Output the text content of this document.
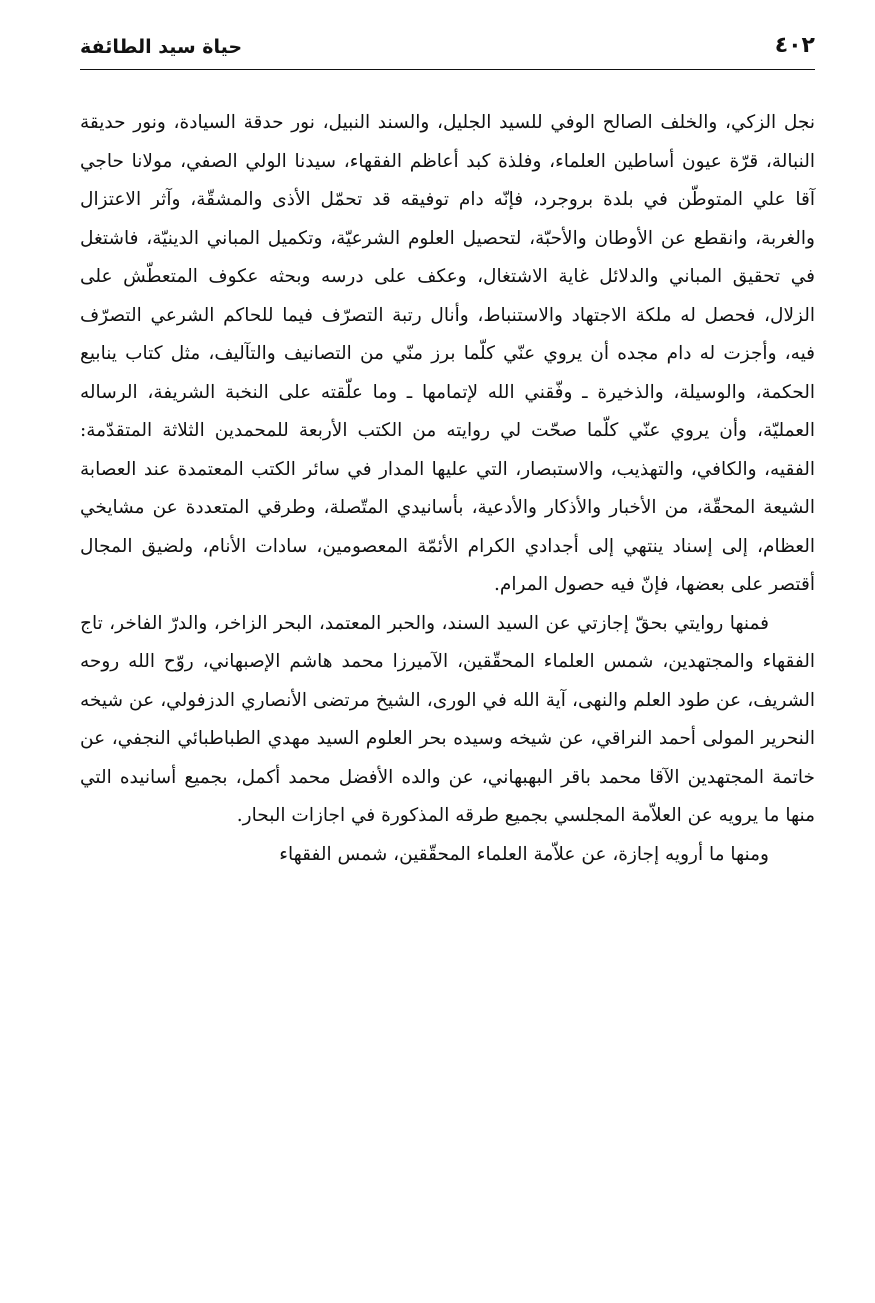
٤٠٢
حياة سيد الطائفة

نجل الزكي، والخلف الصالح الوفي للسيد الجليل، والسند النبيل، نور حدقة السيادة، ونور حديقة النبالة، قرّة عيون أساطين العلماء، وفلذة كبد أعاظم الفقهاء، سيدنا الولي الصفي، مولانا حاجي آقا علي المتوطّن في بلدة بروجرد، فإنّه دام توفيقه قد تحمّل الأذى والمشقّة، وآثر الاعتزال والغربة، وانقطع عن الأوطان والأحبّة، لتحصيل العلوم الشرعيّة، وتكميل المباني الدينيّة، فاشتغل في تحقيق المباني والدلائل غاية الاشتغال، وعكف على درسه وبحثه عكوف المتعطّش على الزلال، فحصل له ملكة الاجتهاد والاستنباط، وأنال رتبة التصرّف فيما للحاكم الشرعي التصرّف فيه، وأجزت له دام مجده أن يروي عنّي كلّما برز منّي من التصانيف والتآليف، مثل كتاب ينابيع الحكمة، والوسيلة، والذخيرة ـ وفّقني الله لإتمامها ـ وما علّقته على النخبة الشريفة، الرساله العمليّة، وأن يروي عنّي كلّما صحّت لي روايته من الكتب الأربعة للمحمدين الثلاثة المتقدّمة: الفقيه، والكافي، والتهذيب، والاستبصار، التي عليها المدار في سائر الكتب المعتمدة عند العصابة الشيعة المحقّة، من الأخبار والأذكار والأدعية، بأسانيدي المتّصلة، وطرقي المتعددة عن مشايخي العظام، إلى إسناد ينتهي إلى أجدادي الكرام الأئمّة المعصومين، سادات الأنام، ولضيق المجال أقتصر على بعضها، فإنّ فيه حصول المرام.

فمنها روايتي بحقّ إجازتي عن السيد السند، والحبر المعتمد، البحر الزاخر، والدرّ الفاخر، تاج الفقهاء والمجتهدين، شمس العلماء المحقّقين، الآميرزا محمد هاشم الإصبهاني، روّح الله روحه الشريف، عن طود العلم والنهى، آية الله في الورى، الشيخ مرتضى الأنصاري الدزفولي، عن شيخه النحرير المولى أحمد النراقي، عن شيخه وسيده بحر العلوم السيد مهدي الطباطبائي النجفي، عن خاتمة المجتهدين الآقا محمد باقر البهبهاني، عن والده الأفضل محمد أكمل، بجميع أسانيده التي منها ما يرويه عن العلاّمة المجلسي بجميع طرقه المذكورة في اجازات البحار.

ومنها ما أرويه إجازة، عن علاّمة العلماء المحقّقين، شمس الفقهاء
